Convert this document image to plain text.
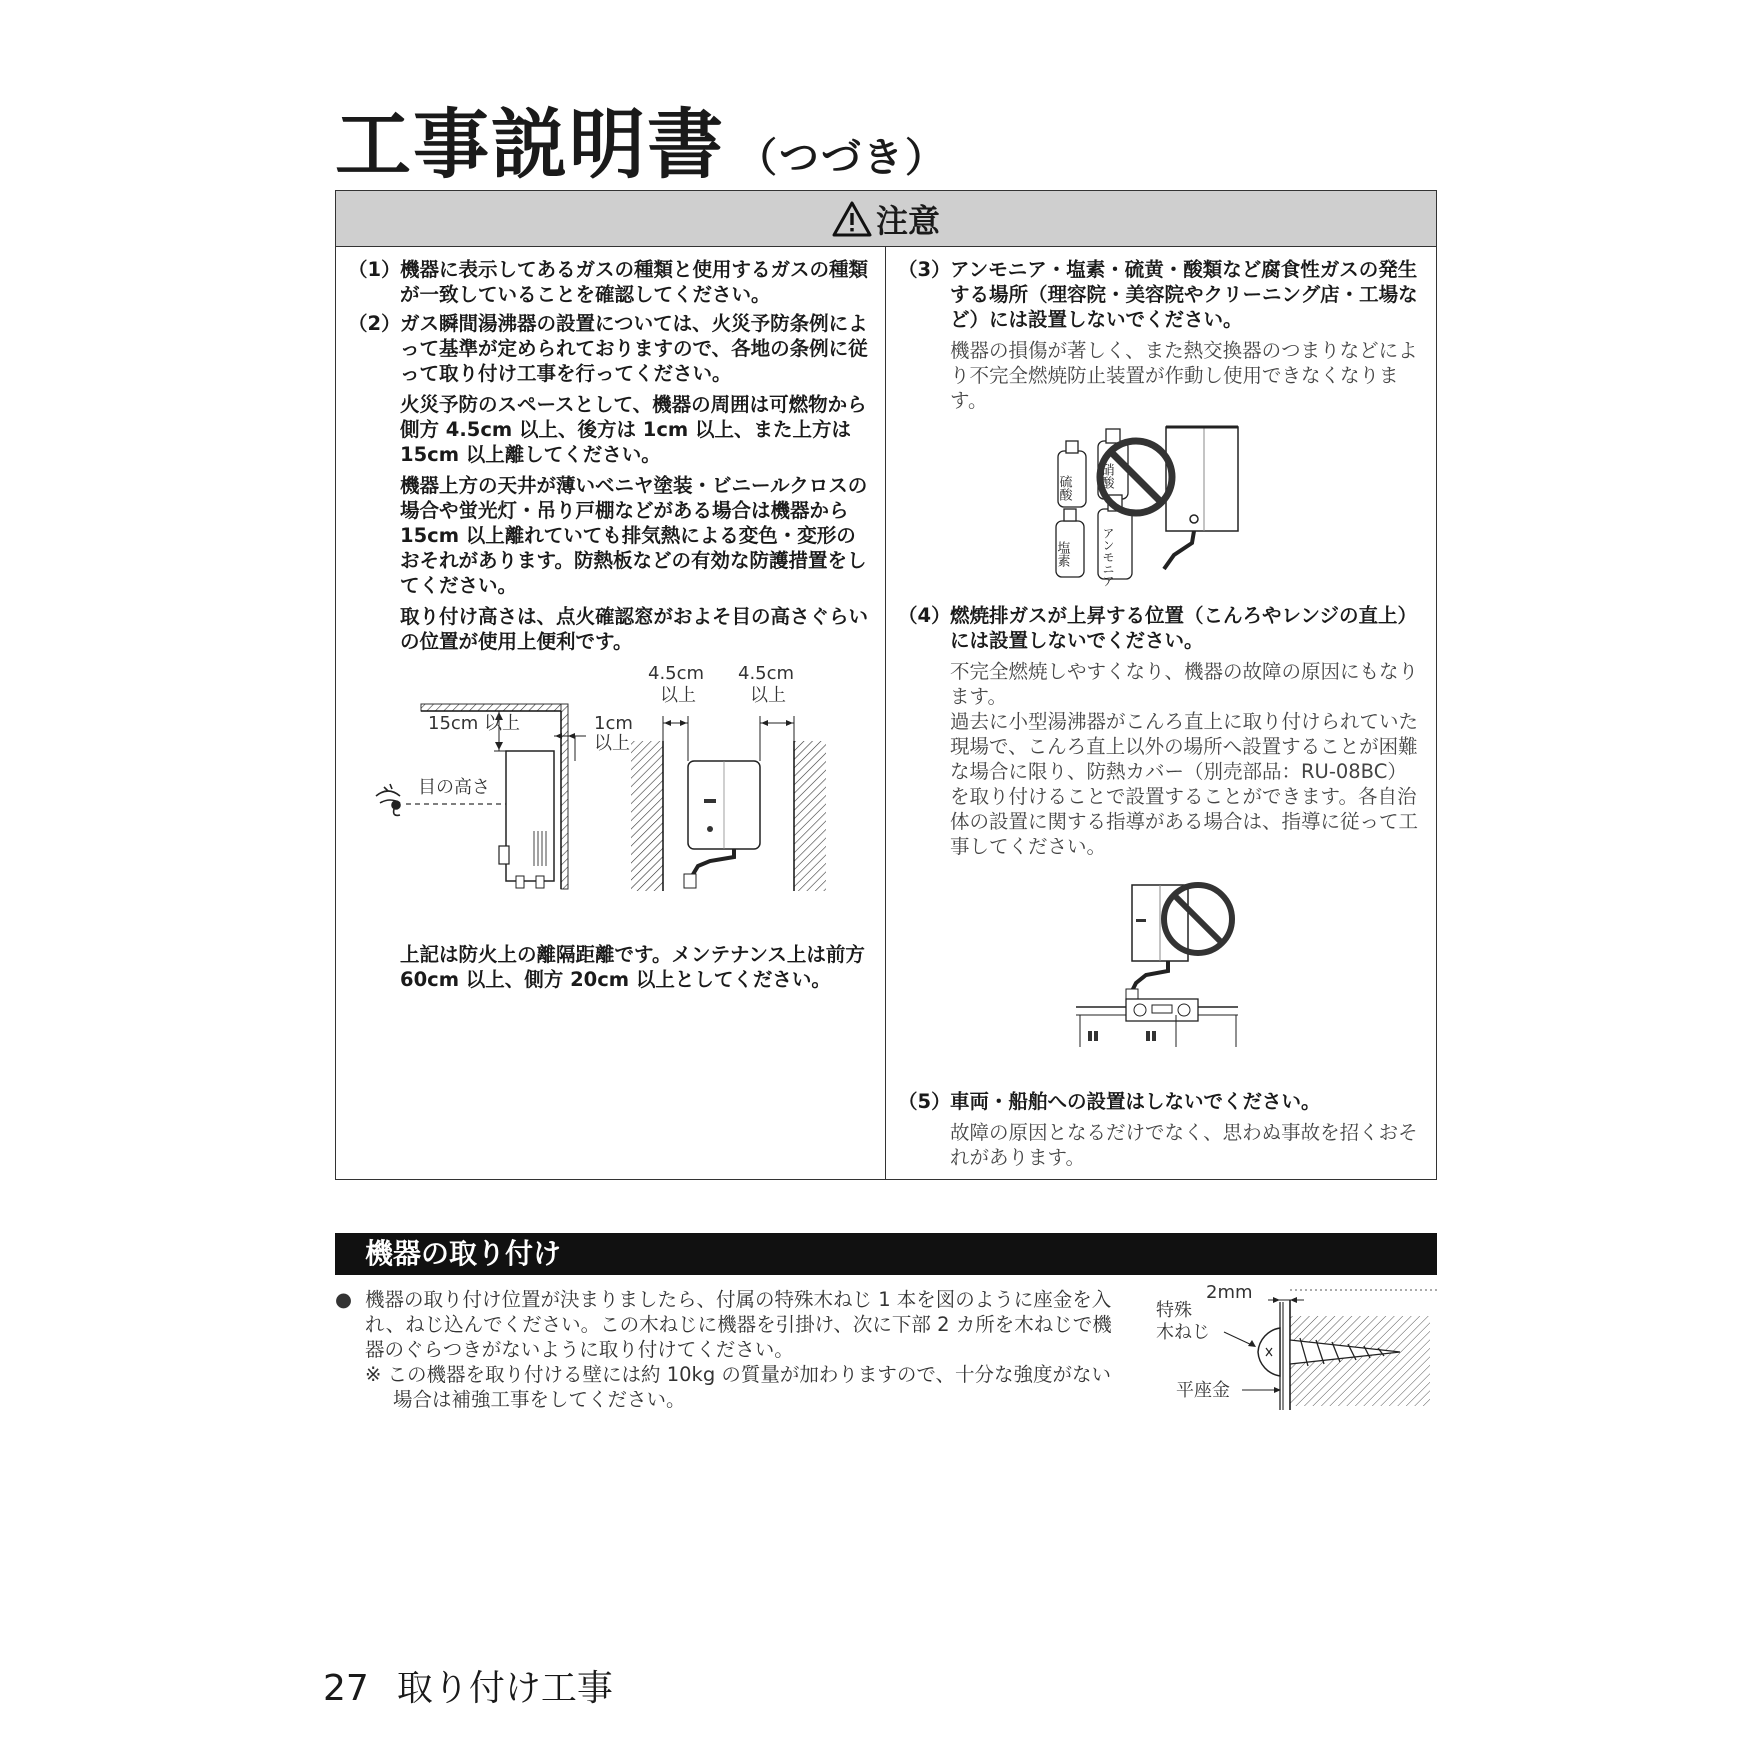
工事説明書 （つづき）
注意
（1） 機器に表示してあるガスの種類と使用するガスの種類が一致していることを確認してください。
（2） ガス瞬間湯沸器の設置については、火災予防条例によって基準が定められておりますので、各地の条例に従って取り付け工事を行ってください。
火災予防のスペースとして、機器の周囲は可燃物から側方 4.5cm 以上、後方は 1cm 以上、また上方は 15cm 以上離してください。
機器上方の天井が薄いベニヤ塗装・ビニールクロスの場合や蛍光灯・吊り戸棚などがある場合は機器から 15cm 以上離れていても排気熱による変色・変形のおそれがあります。防熱板などの有効な防護措置をしてください。
取り付け高さは、点火確認窓がおよそ目の高さぐらいの位置が使用上便利です。
15cm 以上	1cm
以上
目の高さ
4.5cm
以上
4.5cm
以上
上記は防火上の離隔距離です。メンテナンス上は前方 60cm 以上、側方 20cm 以上としてください。
（3） アンモニア・塩素・硫黄・酸類など腐食性ガスの発生する場所（理容院・美容院やクリーニング店・工場など）には設置しないでください。
機器の損傷が著しく、また熱交換器のつまりなどにより不完全燃焼防止装置が作動し使用できなくなります。
硫酸 硝酸
塩素	アンモニア
（4） 燃焼排ガスが上昇する位置（こんろやレンジの直上）には設置しないでください。
不完全燃焼しやすくなり、機器の故障の原因にもなります。
過去に小型湯沸器がこんろ直上に取り付けられていた現場で、こんろ直上以外の場所へ設置することが困難な場合に限り、防熱カバー（別売部品：RU-08BC）を取り付けることで設置することができます。各自治体の設置に関する指導がある場合は、指導に従って工事してください。
（5） 車両・船舶への設置はしないでください。
故障の原因となるだけでなく、思わぬ事故を招くおそれがあります。
機器の取り付け
● 機器の取り付け位置が決まりましたら、付属の特殊木ねじ 1 本を図のように座金を入れ、ねじ込んでください。この木ねじに機器を引掛け、次に下部 2 カ所を木ねじで機器のぐらつきがないように取り付けてください。
※ この機器を取り付ける壁には約 10kg の質量が加わりますので、十分な強度がない場合は補強工事をしてください。
2mm
特殊
木ねじ
平座金
27 取り付け工事
